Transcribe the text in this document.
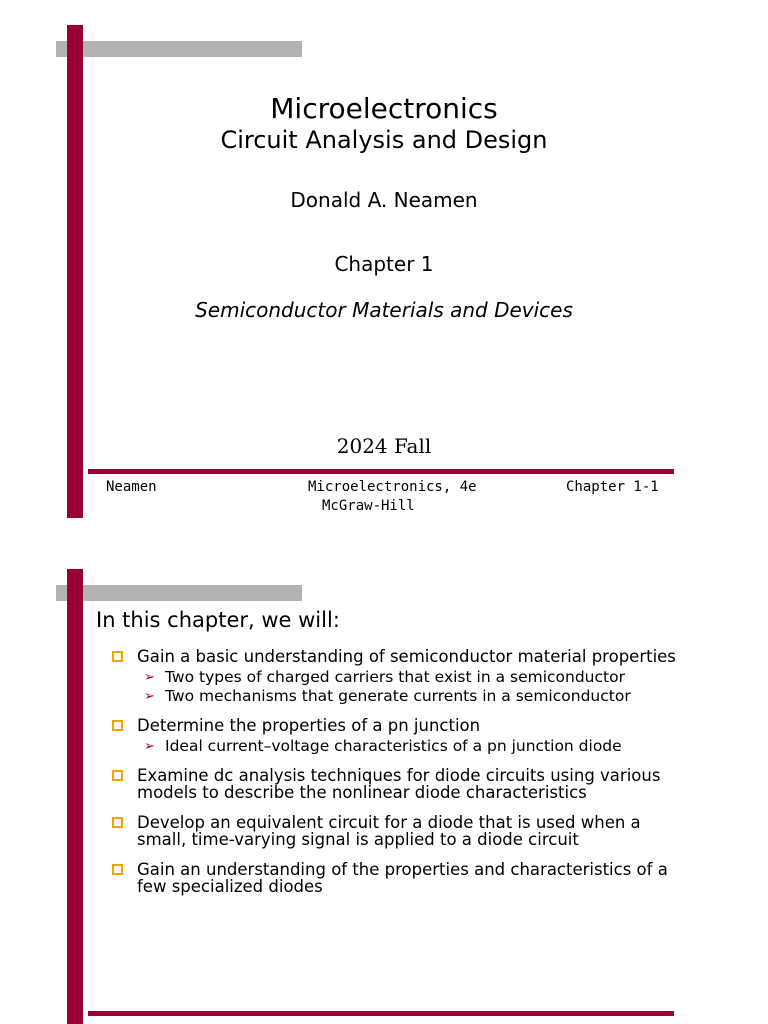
Microelectronics
Circuit Analysis and Design
Donald A. Neamen
Chapter 1
Semiconductor Materials and Devices
2024 Fall
Neamen	Microelectronics, 4e
McGraw-Hill
Chapter 1-1
In this chapter, we will:
Gain a basic understanding of semiconductor material properties
➢ Two types of charged carriers that exist in a semiconductor
➢ Two mechanisms that generate currents in a semiconductor
Determine the properties of a pn junction
➢ Ideal current–voltage characteristics of a pn junction diode
Examine dc analysis techniques for diode circuits using various models to describe the nonlinear diode characteristics
Develop an equivalent circuit for a diode that is used when a small, time-varying signal is applied to a diode circuit
Gain an understanding of the properties and characteristics of a few specialized diodes
